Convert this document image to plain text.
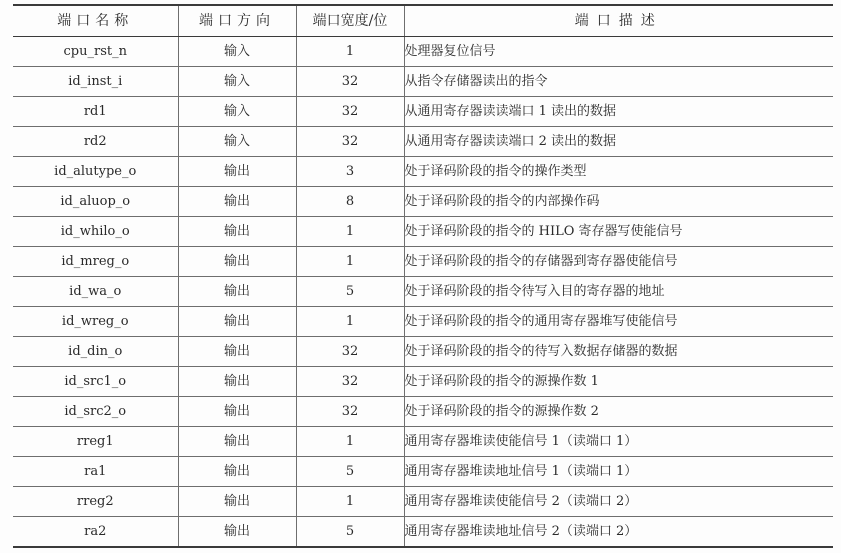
端口名称	端口方向	端口宽度/位	端口描述
cpu_rst_n	输入	1	处理器复位信号
id_inst_i	输入	32	从指令存储器读出的指令
rd1	输入	32	从通用寄存器读读端口 1 读出的数据
rd2	输入	32	从通用寄存器读读端口 2 读出的数据
id_alutype_o	输出	3	处于译码阶段的指令的操作类型
id_aluop_o	输出	8	处于译码阶段的指令的内部操作码
id_whilo_o	输出	1	处于译码阶段的指令的 HILO 寄存器写使能信号
id_mreg_o	输出	1	处于译码阶段的指令的存储器到寄存器使能信号
id_wa_o	输出	5	处于译码阶段的指令待写入目的寄存器的地址
id_wreg_o	输出	1	处于译码阶段的指令的通用寄存器堆写使能信号
id_din_o	输出	32	处于译码阶段的指令的待写入数据存储器的数据
id_src1_o	输出	32	处于译码阶段的指令的源操作数 1
id_src2_o	输出	32	处于译码阶段的指令的源操作数 2
rreg1	输出	1	通用寄存器堆读使能信号 1（读端口 1）
ra1	输出	5	通用寄存器堆读地址信号 1（读端口 1）
rreg2	输出	1	通用寄存器堆读使能信号 2（读端口 2）
ra2	输出	5	通用寄存器堆读地址信号 2（读端口 2）
